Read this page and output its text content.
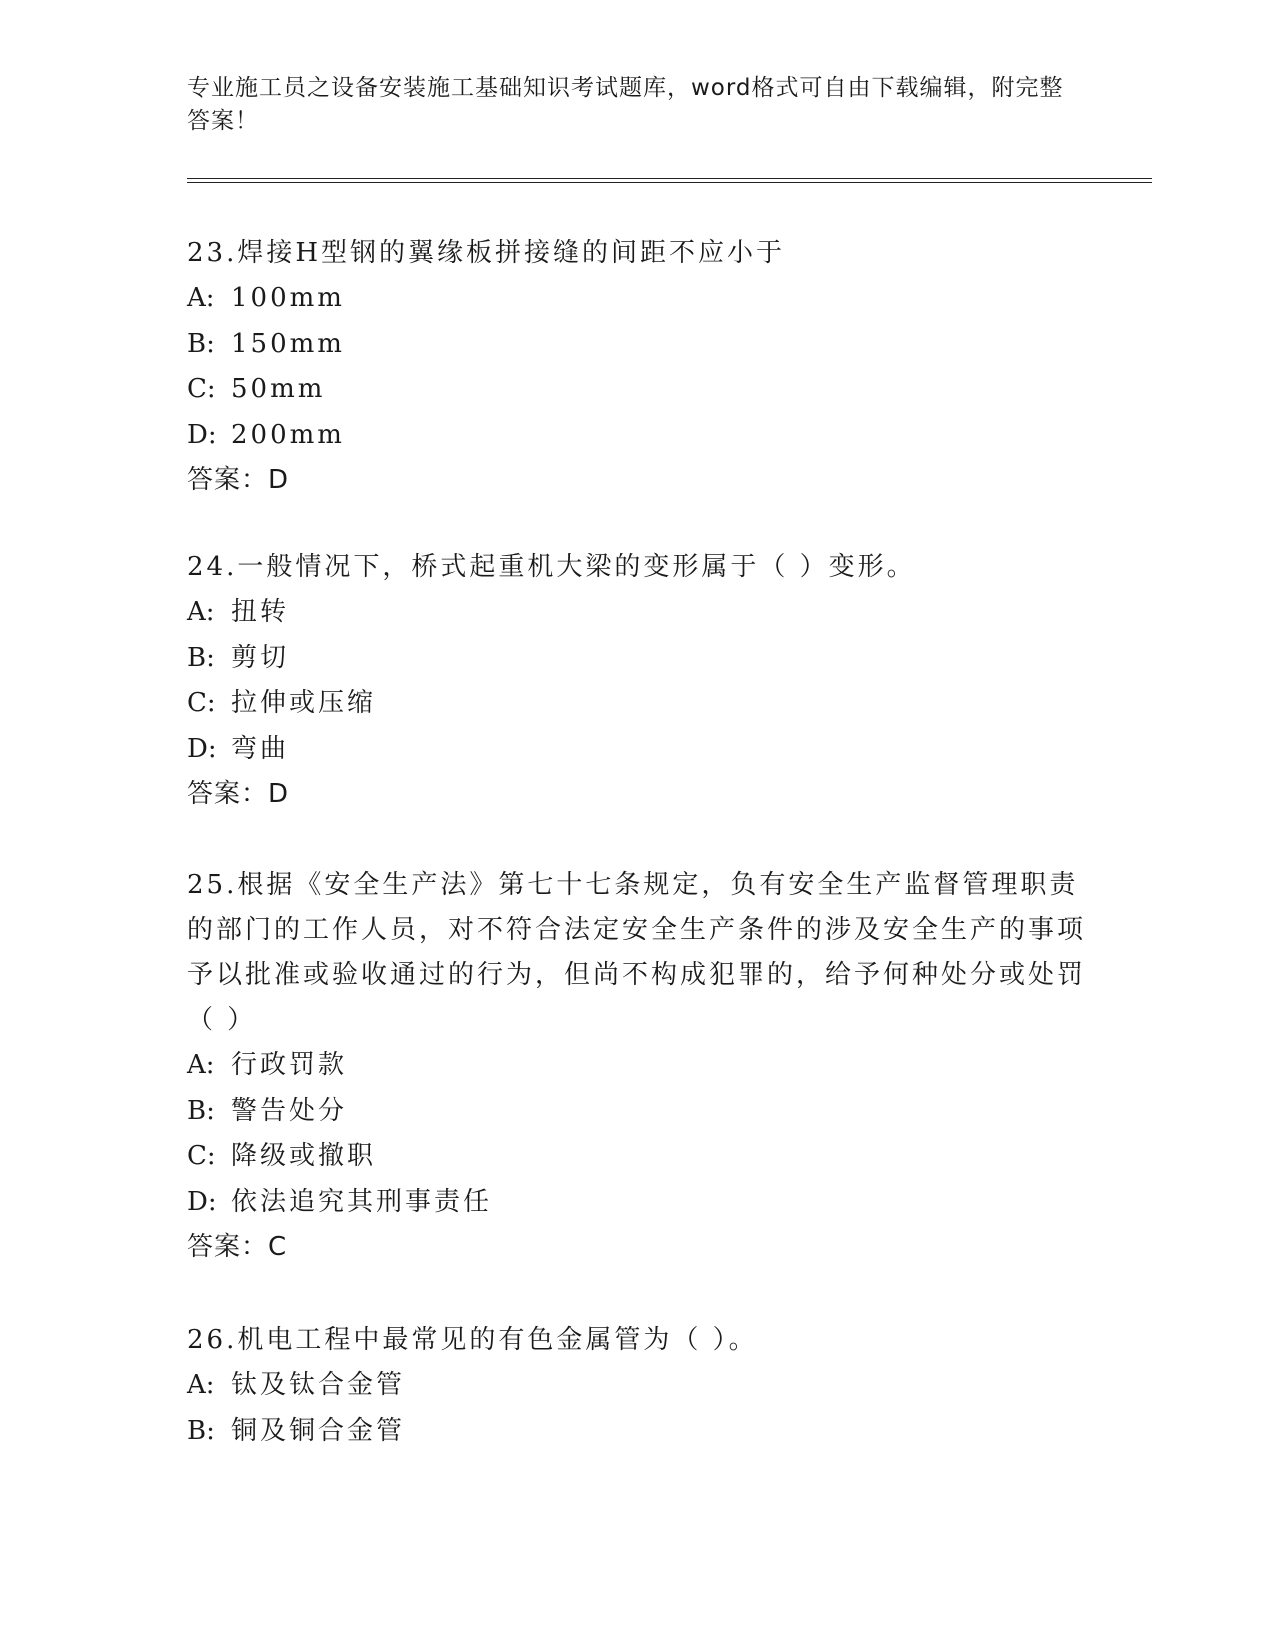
专业施工员之设备安装施工基础知识考试题库，word格式可自由下载编辑，附完整答案！

23.焊接H型钢的翼缘板拼接缝的间距不应小于

A: 100mm

B: 150mm

C: 50mm

D: 200mm

答案：D

24.一般情况下，桥式起重机大梁的变形属于（ ）变形。

A: 扭转

B: 剪切

C: 拉伸或压缩

D: 弯曲

答案：D

25.根据《安全生产法》第七十七条规定，负有安全生产监督管理职责的部门的工作人员，对不符合法定安全生产条件的涉及安全生产的事项予以批准或验收通过的行为，但尚不构成犯罪的，给予何种处分或处罚（ ）

A: 行政罚款

B: 警告处分

C: 降级或撤职

D: 依法追究其刑事责任

答案：C

26.机电工程中最常见的有色金属管为（ ）。

A: 钛及钛合金管

B: 铜及铜合金管
